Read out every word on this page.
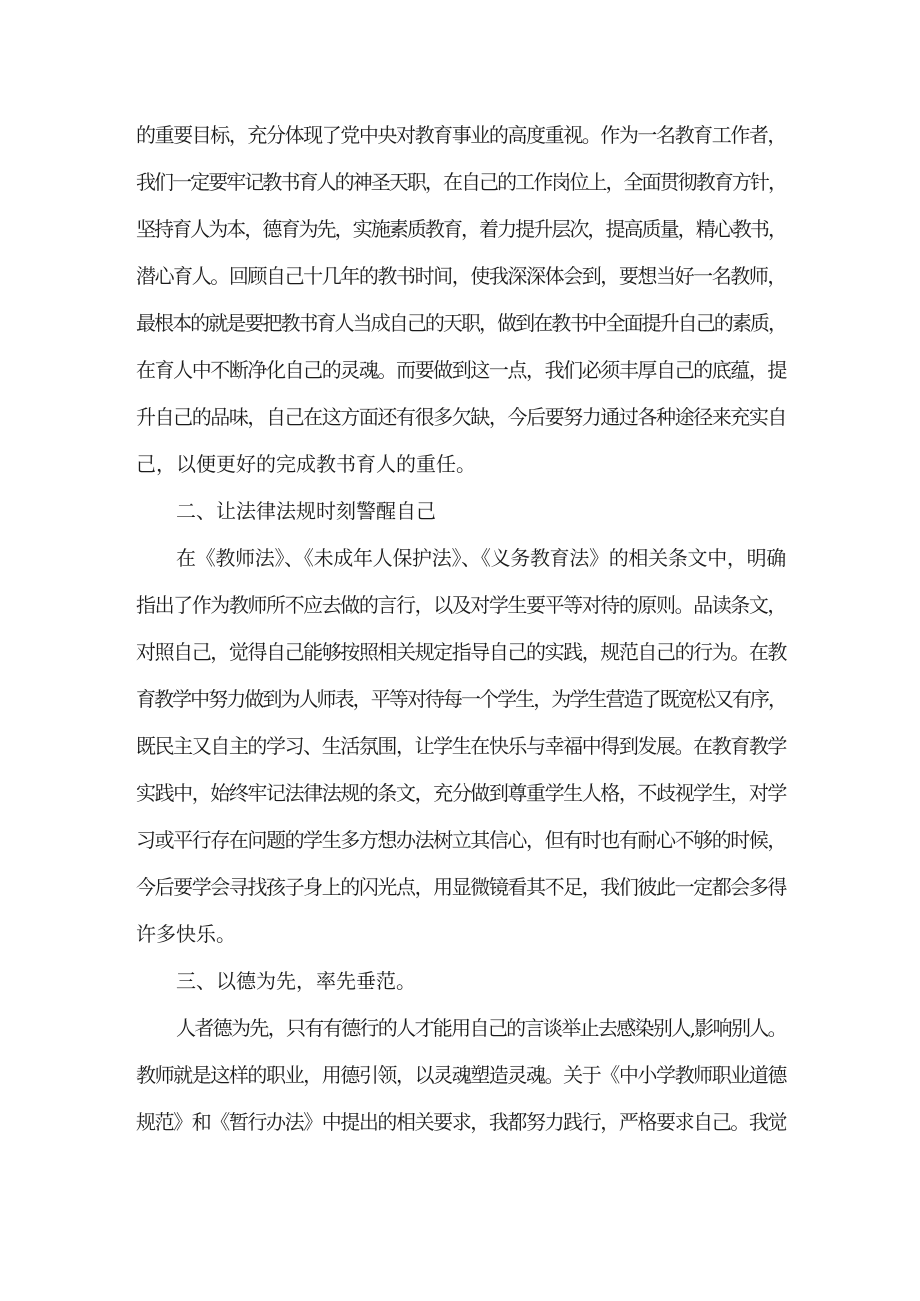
的重要目标，充分体现了党中央对教育事业的高度重视。作为一名教育工作者，
我们一定要牢记教书育人的神圣天职，在自己的工作岗位上，全面贯彻教育方针，
坚持育人为本，德育为先，实施素质教育，着力提升层次，提高质量，精心教书，
潜心育人。回顾自己十几年的教书时间，使我深深体会到，要想当好一名教师，
最根本的就是要把教书育人当成自己的天职，做到在教书中全面提升自己的素质，
在育人中不断净化自己的灵魂。而要做到这一点，我们必须丰厚自己的底蕴，提
升自己的品味，自己在这方面还有很多欠缺，今后要努力通过各种途径来充实自
己，以便更好的完成教书育人的重任。
二、让法律法规时刻警醒自己
在《教师法》、《未成年人保护法》、《义务教育法》的相关条文中，明确
指出了作为教师所不应去做的言行，以及对学生要平等对待的原则。品读条文，
对照自己，觉得自己能够按照相关规定指导自己的实践，规范自己的行为。在教
育教学中努力做到为人师表，平等对待每一个学生，为学生营造了既宽松又有序，
既民主又自主的学习、生活氛围，让学生在快乐与幸福中得到发展。在教育教学
实践中，始终牢记法律法规的条文，充分做到尊重学生人格，不歧视学生，对学
习或平行存在问题的学生多方想办法树立其信心，但有时也有耐心不够的时候，
今后要学会寻找孩子身上的闪光点，用显微镜看其不足，我们彼此一定都会多得
许多快乐。
三、以德为先，率先垂范。
人者德为先，只有有德行的人才能用自己的言谈举止去感染别人,影响别人。
教师就是这样的职业，用德引领，以灵魂塑造灵魂。关于《中小学教师职业道德
规范》和《暂行办法》中提出的相关要求，我都努力践行，严格要求自己。我觉
